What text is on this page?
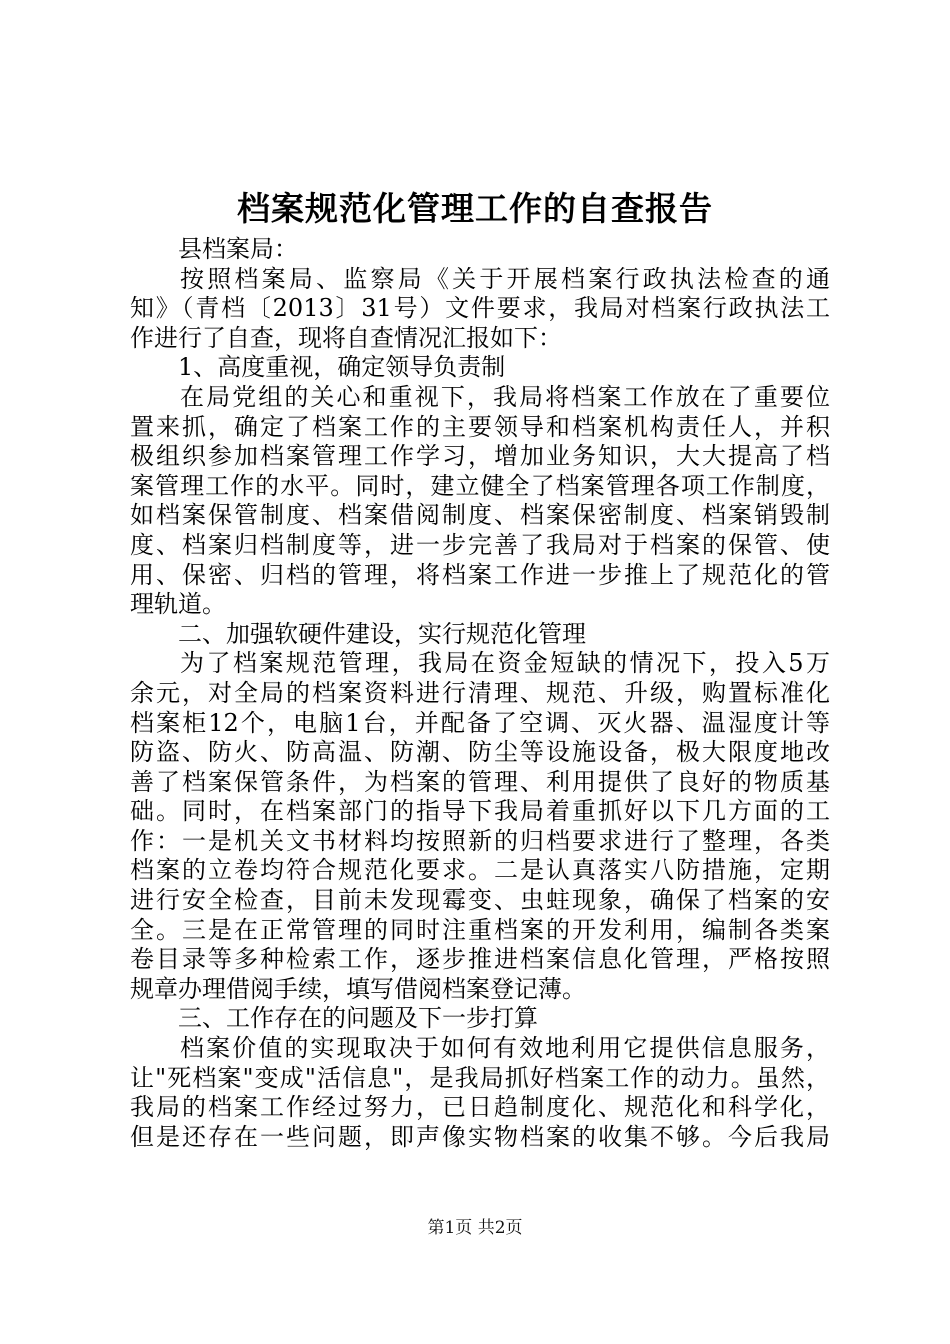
档案规范化管理工作的自查报告
县档案局：
按照档案局、监察局《关于开展档案行政执法检查的通
知》（青档〔2013〕31号）文件要求，我局对档案行政执法工
作进行了自查，现将自查情况汇报如下：
1、高度重视，确定领导负责制
在局党组的关心和重视下，我局将档案工作放在了重要位
置来抓，确定了档案工作的主要领导和档案机构责任人，并积
极组织参加档案管理工作学习，增加业务知识，大大提高了档
案管理工作的水平。同时，建立健全了档案管理各项工作制度，
如档案保管制度、档案借阅制度、档案保密制度、档案销毁制
度、档案归档制度等，进一步完善了我局对于档案的保管、使
用、保密、归档的管理，将档案工作进一步推上了规范化的管
理轨道。
二、加强软硬件建设，实行规范化管理
为了档案规范管理，我局在资金短缺的情况下，投入5万
余元，对全局的档案资料进行清理、规范、升级，购置标准化
档案柜12个，电脑1台，并配备了空调、灭火器、温湿度计等
防盗、防火、防高温、防潮、防尘等设施设备，极大限度地改
善了档案保管条件，为档案的管理、利用提供了良好的物质基
础。同时，在档案部门的指导下我局着重抓好以下几方面的工
作：一是机关文书材料均按照新的归档要求进行了整理，各类
档案的立卷均符合规范化要求。二是认真落实八防措施，定期
进行安全检查，目前未发现霉变、虫蛀现象，确保了档案的安
全。三是在正常管理的同时注重档案的开发利用，编制各类案
卷目录等多种检索工作，逐步推进档案信息化管理，严格按照
规章办理借阅手续，填写借阅档案登记薄。
三、工作存在的问题及下一步打算
档案价值的实现取决于如何有效地利用它提供信息服务，
让"死档案"变成"活信息"，是我局抓好档案工作的动力。虽然，
我局的档案工作经过努力，已日趋制度化、规范化和科学化，
但是还存在一些问题，即声像实物档案的收集不够。今后我局
第1页 共2页
